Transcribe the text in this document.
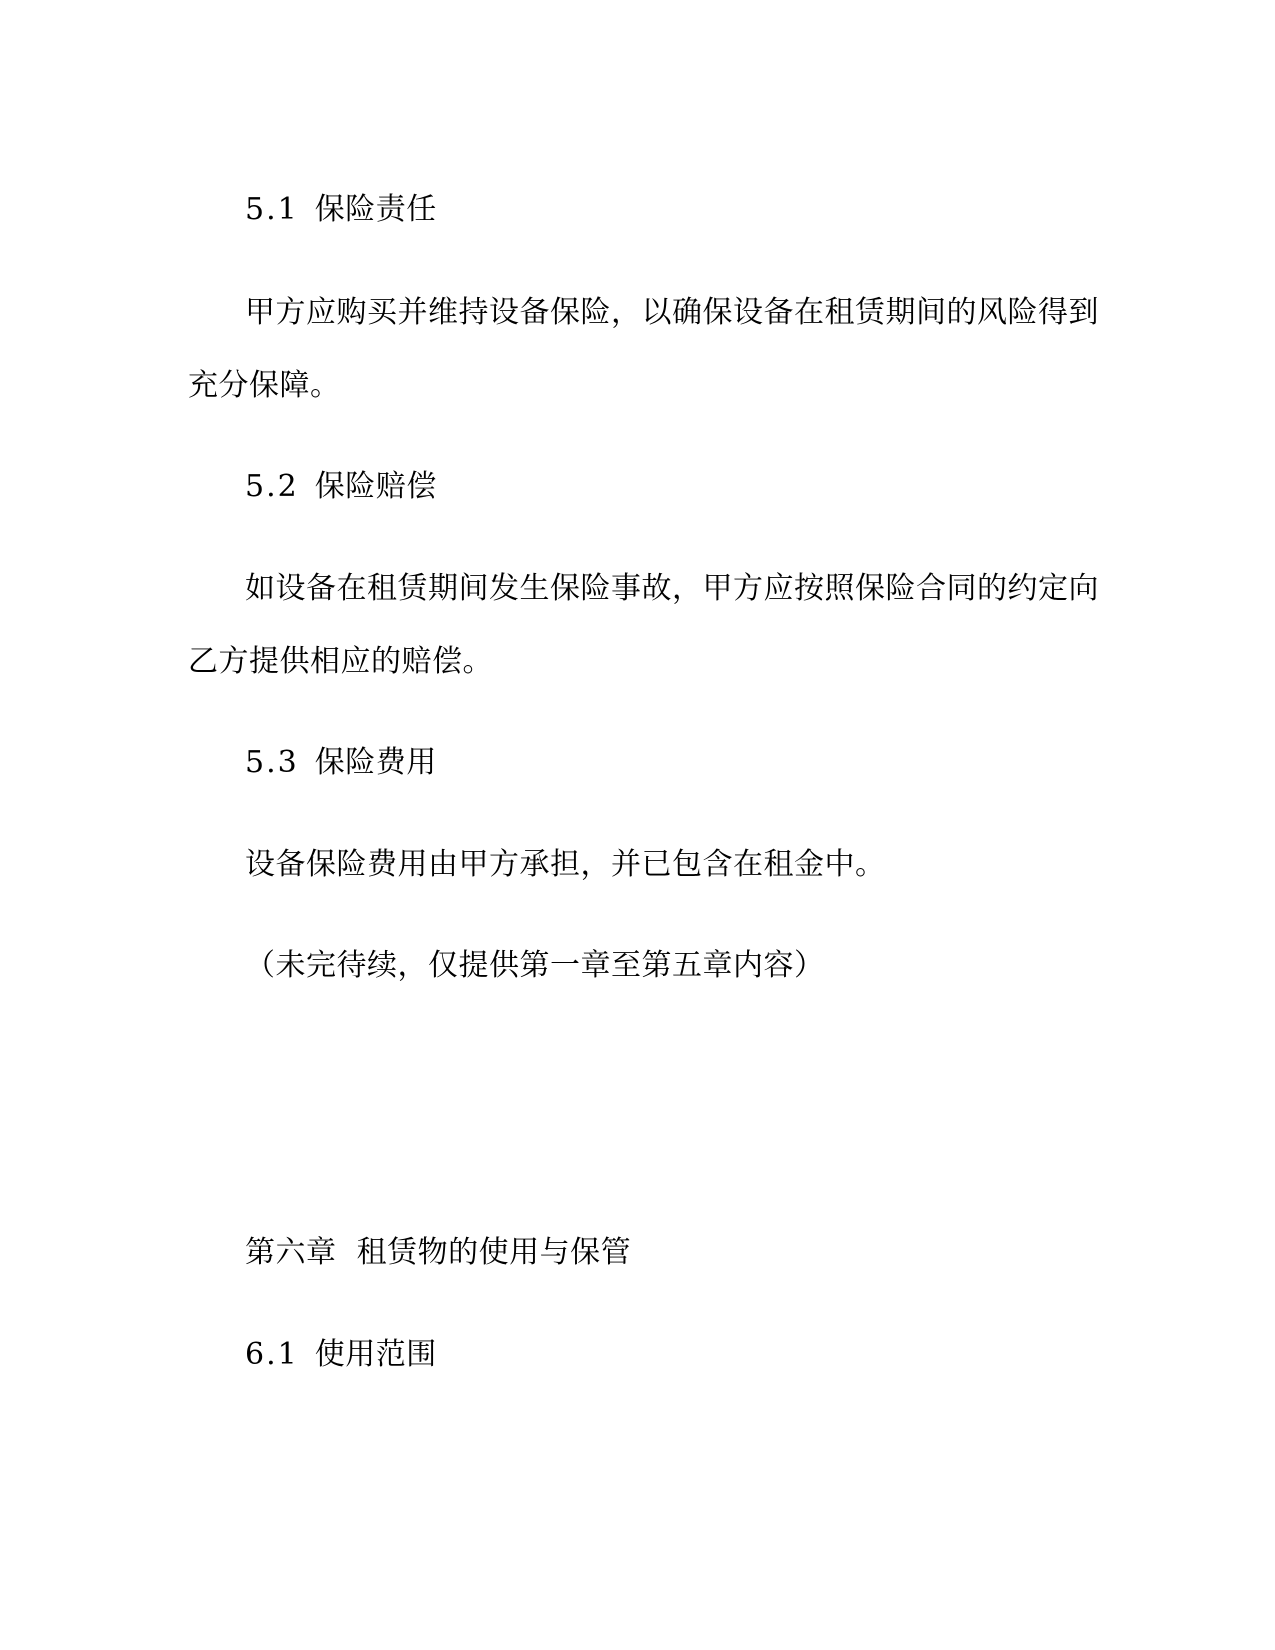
5.1 保险责任

甲方应购买并维持设备保险，以确保设备在租赁期间的风险得到

充分保障。

5.2 保险赔偿

如设备在租赁期间发生保险事故，甲方应按照保险合同的约定向

乙方提供相应的赔偿。

5.3 保险费用

设备保险费用由甲方承担，并已包含在租金中。

（未完待续，仅提供第一章至第五章内容）

第六章  租赁物的使用与保管

6.1 使用范围
